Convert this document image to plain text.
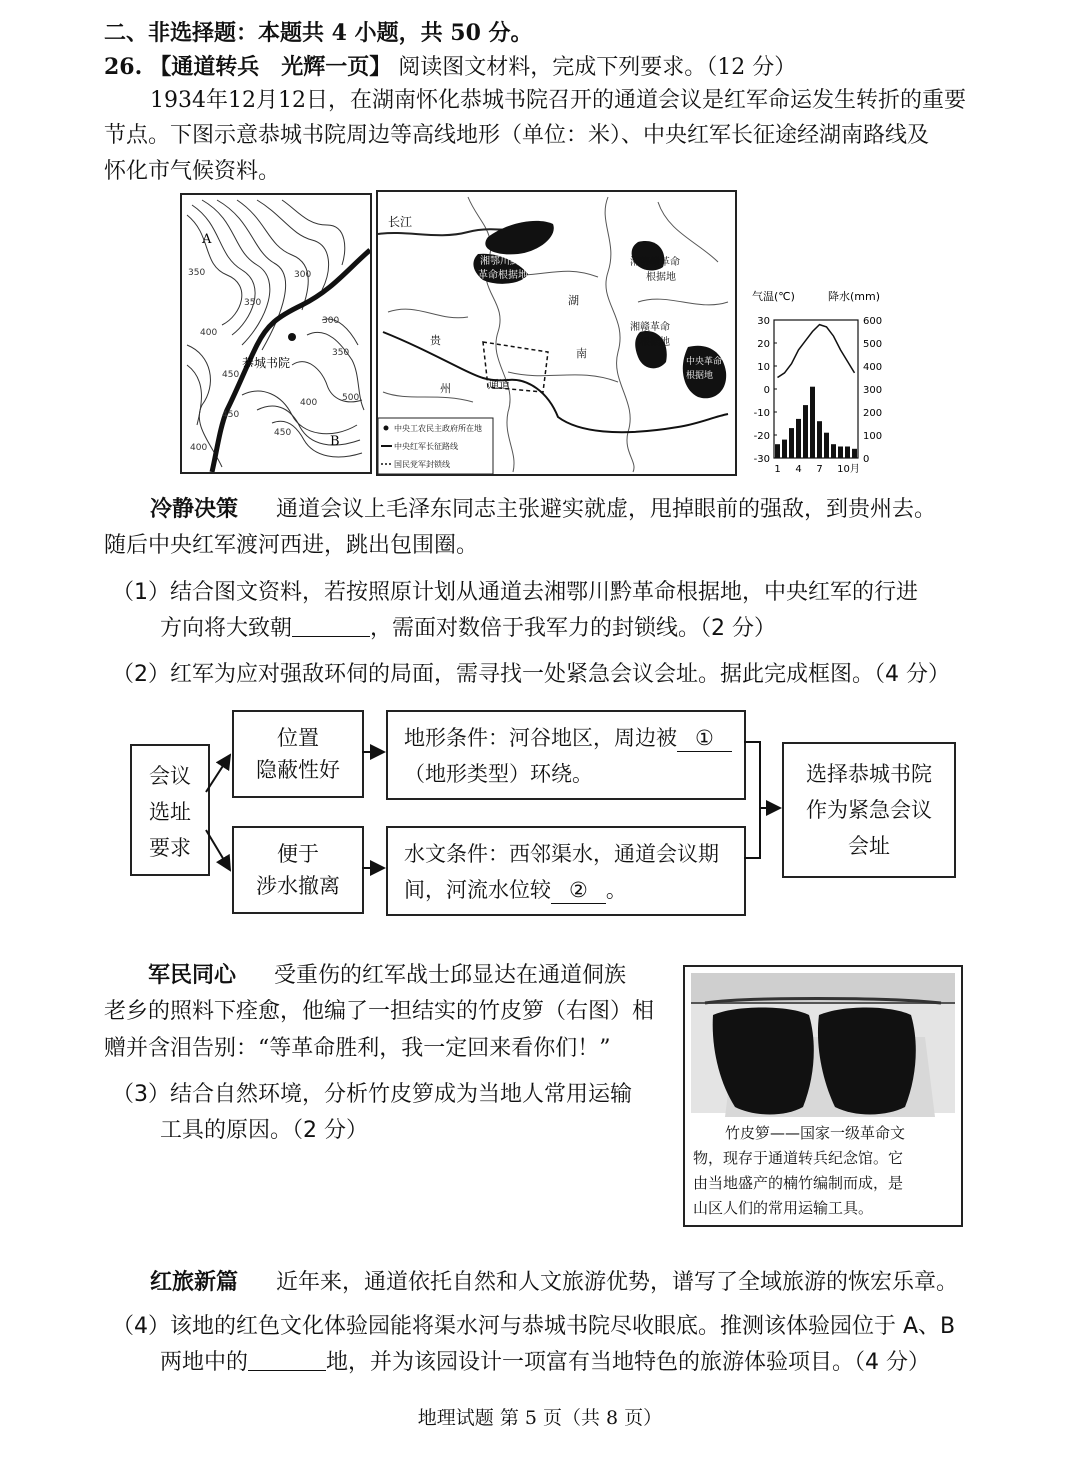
二、非选择题：本题共 4 小题，共 50 分。
26. 【通道转兵　光辉一页】 阅读图文材料，完成下列要求。（12 分）
1934年12月12日，在湖南怀化恭城书院召开的通道会议是红军命运发生转折的重要
节点。下图示意恭城书院周边等高线地形（单位：米）、中央红军长征途经湖南路线及
怀化市气候资料。
A
B
恭城书院
350	300
350
400
450
300
350
400
450
500
450
400
长江
湘鄂川黔
革命根据地
湘鄂赣革命
根据地
湘赣革命
根据地
中央革命
根据地
贵
州
湖
南
通道
中央工农民主政府所在地
中央红军长征路线
国民党军封锁线
气温(℃)	降水(mm)
30
20
10
0
-10
-20
-30
600
500
400
300
200
100
0
1 4 7 10月
冷静决策 通道会议上毛泽东同志主张避实就虚，甩掉眼前的强敌，到贵州去。
随后中央红军渡河西进，跳出包围圈。
（1）结合图文资料，若按照原计划从通道去湘鄂川黔革命根据地，中央红军的行进
方向将大致朝	，需面对数倍于我军力的封锁线。（2 分）
（2）红军为应对强敌环伺的局面，需寻找一处紧急会议会址。据此完成框图。（4 分）
会议
选址
要求
位置
隐蔽性好
便于
涉水撤离
地形条件：河谷地区，周边被 ①
（地形类型）环绕。
水文条件：西邻渠水，通道会议期
间，河流水位较 ② 。
选择恭城书院
作为紧急会议
会址
军民同心 受重伤的红军战士邱显达在通道侗族
老乡的照料下痊愈，他编了一担结实的竹皮箩（右图）相
赠并含泪告别：“等革命胜利，我一定回来看你们！”
（3）结合自然环境，分析竹皮箩成为当地人常用运输
工具的原因。（2 分）	竹皮箩——国家一级革命文
物，现存于通道转兵纪念馆。它
由当地盛产的楠竹编制而成，是
山区人们的常用运输工具。
红旅新篇 近年来，通道依托自然和人文旅游优势，谱写了全域旅游的恢宏乐章。
（4）该地的红色文化体验园能将渠水河与恭城书院尽收眼底。推测该体验园位于 A、B
两地中的	地，并为该园设计一项富有当地特色的旅游体验项目。（4 分）
地理试题 第 5 页（共 8 页）
